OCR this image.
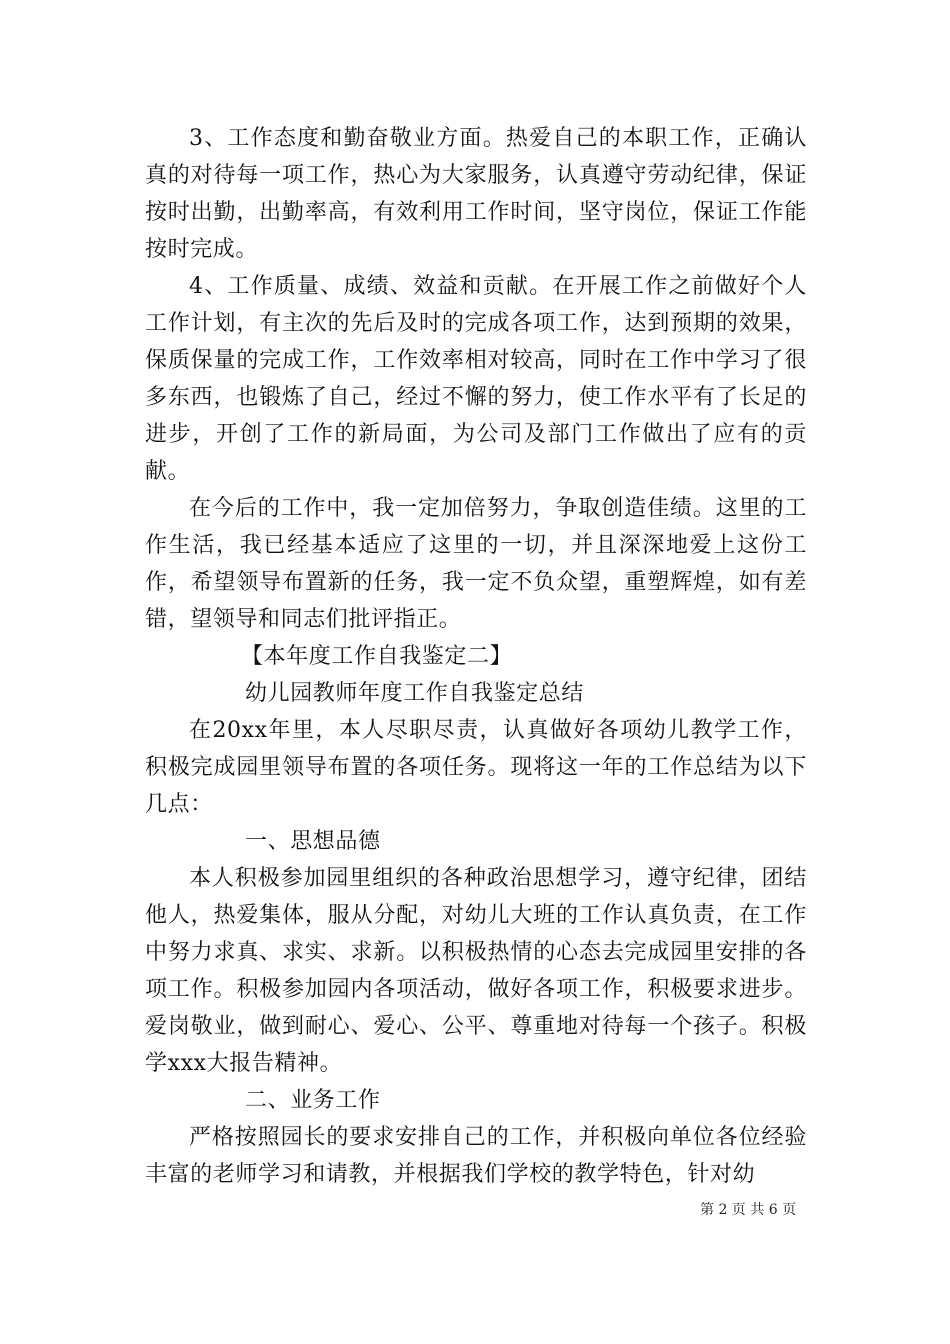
3、工作态度和勤奋敬业方面。热爱自己的本职工作，正确认真的对待每一项工作，热心为大家服务，认真遵守劳动纪律，保证按时出勤，出勤率高，有效利用工作时间，坚守岗位，保证工作能按时完成。

4、工作质量、成绩、效益和贡献。在开展工作之前做好个人工作计划，有主次的先后及时的完成各项工作，达到预期的效果，保质保量的完成工作，工作效率相对较高，同时在工作中学习了很多东西，也锻炼了自己，经过不懈的努力，使工作水平有了长足的进步，开创了工作的新局面，为公司及部门工作做出了应有的贡献。

在今后的工作中，我一定加倍努力，争取创造佳绩。这里的工作生活，我已经基本适应了这里的一切，并且深深地爱上这份工作，希望领导布置新的任务，我一定不负众望，重塑辉煌，如有差错，望领导和同志们批评指正。

【本年度工作自我鉴定二】

幼儿园教师年度工作自我鉴定总结

在20xx年里，本人尽职尽责，认真做好各项幼儿教学工作，积极完成园里领导布置的各项任务。现将这一年的工作总结为以下几点：

一、思想品德

本人积极参加园里组织的各种政治思想学习，遵守纪律，团结他人，热爱集体，服从分配，对幼儿大班的工作认真负责，在工作中努力求真、求实、求新。以积极热情的心态去完成园里安排的各项工作。积极参加园内各项活动，做好各项工作，积极要求进步。爱岗敬业，做到耐心、爱心、公平、尊重地对待每一个孩子。积极学xxx大报告精神。

二、业务工作

严格按照园长的要求安排自己的工作，并积极向单位各位经验丰富的老师学习和请教，并根据我们学校的教学特色，针对幼

第 2 页 共 6 页
